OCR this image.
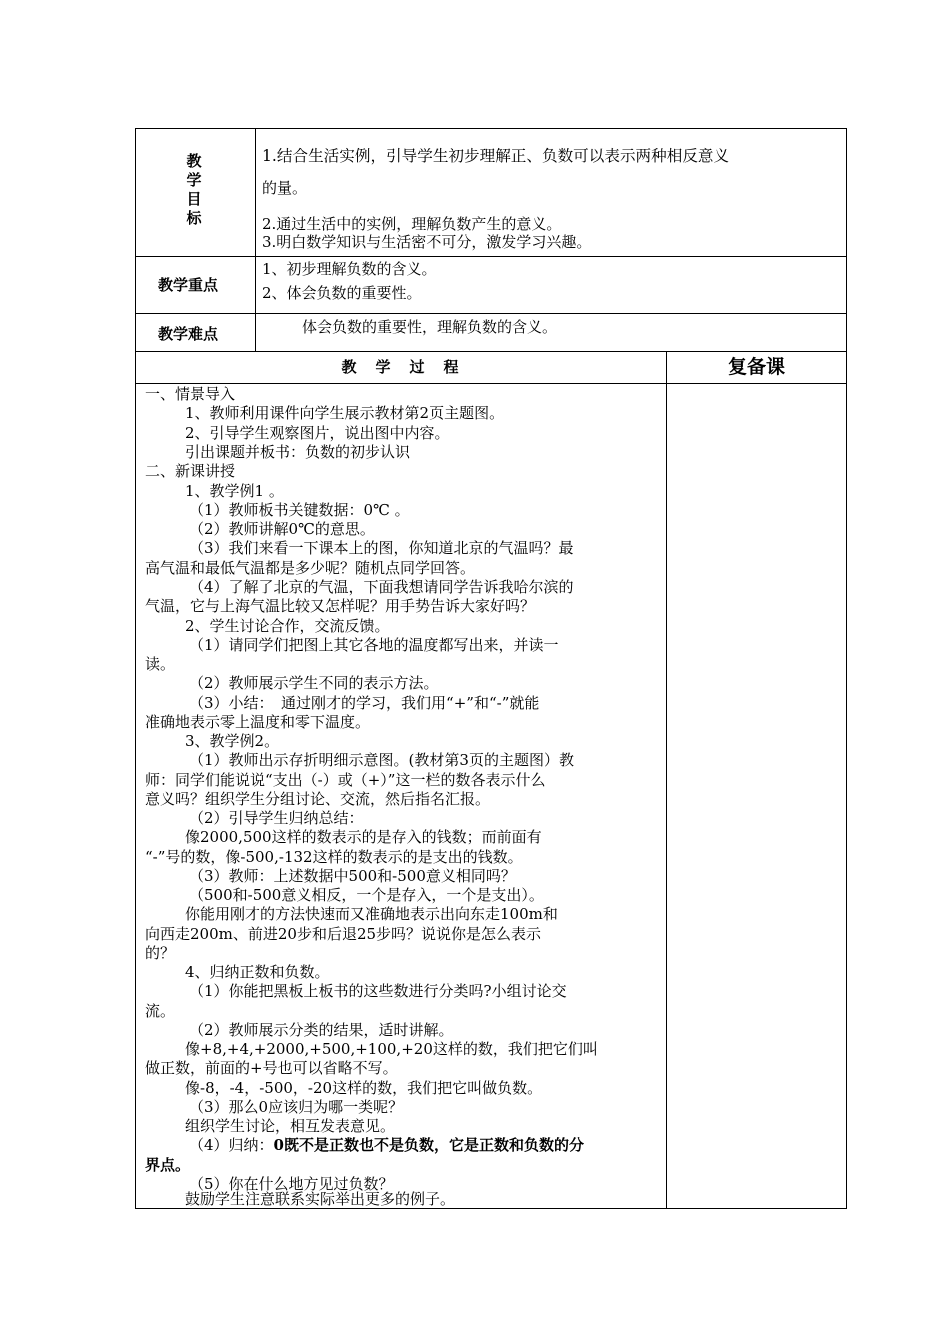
教
学
目
标
1.结合生活实例，引导学生初步理解正、负数可以表示两种相反意义
的量。
2.通过生活中的实例，理解负数产生的意义。
3.明白数学知识与生活密不可分，激发学习兴趣。
教学重点
1、初步理解负数的含义。
2、体会负数的重要性。
教学难点	体会负数的重要性，理解负数的含义。
教　学　过　程	复备课
一、情景导入
1、教师利用课件向学生展示教材第2页主题图。
2、引导学生观察图片，说出图中内容。
引出课题并板书：负数的初步认识
二、新课讲授
1、教学例1 。
（1）教师板书关键数据：0℃ 。
（2）教师讲解0℃的意思。
（3）我们来看一下课本上的图，你知道北京的气温吗？最
高气温和最低气温都是多少呢？随机点同学回答。
（4）了解了北京的气温，下面我想请同学告诉我哈尔滨的
气温，它与上海气温比较又怎样呢？用手势告诉大家好吗？
2、学生讨论合作，交流反馈。
（1）请同学们把图上其它各地的温度都写出来，并读一
读。
（2）教师展示学生不同的表示方法。
（3）小结：　通过刚才的学习，我们用“+”和“-”就能
准确地表示零上温度和零下温度。
3、教学例2。
（1）教师出示存折明细示意图。(教材第3页的主题图）教
师：同学们能说说“支出（-）或（+）”这一栏的数各表示什么
意义吗？组织学生分组讨论、交流，然后指名汇报。
（2）引导学生归纳总结：
像2000,500这样的数表示的是存入的钱数；而前面有
“-”号的数，像-500,-132这样的数表示的是支出的钱数。
（3）教师：上述数据中500和-500意义相同吗？
（500和-500意义相反，一个是存入，一个是支出）。
你能用刚才的方法快速而又准确地表示出向东走100m和
向西走200m、前进20步和后退25步吗？说说你是怎么表示
的？
4、归纳正数和负数。
（1）你能把黑板上板书的这些数进行分类吗?小组讨论交
流。
（2）教师展示分类的结果，适时讲解。
像+8,+4,+2000,+500,+100,+20这样的数，我们把它们叫
做正数，前面的+号也可以省略不写。
像-8，-4，-500，-20这样的数，我们把它叫做负数。
（3）那么0应该归为哪一类呢？
组织学生讨论，相互发表意见。
（4）归纳：0既不是正数也不是负数，它是正数和负数的分
界点。
（5）你在什么地方见过负数？
鼓励学生注意联系实际举出更多的例子。
